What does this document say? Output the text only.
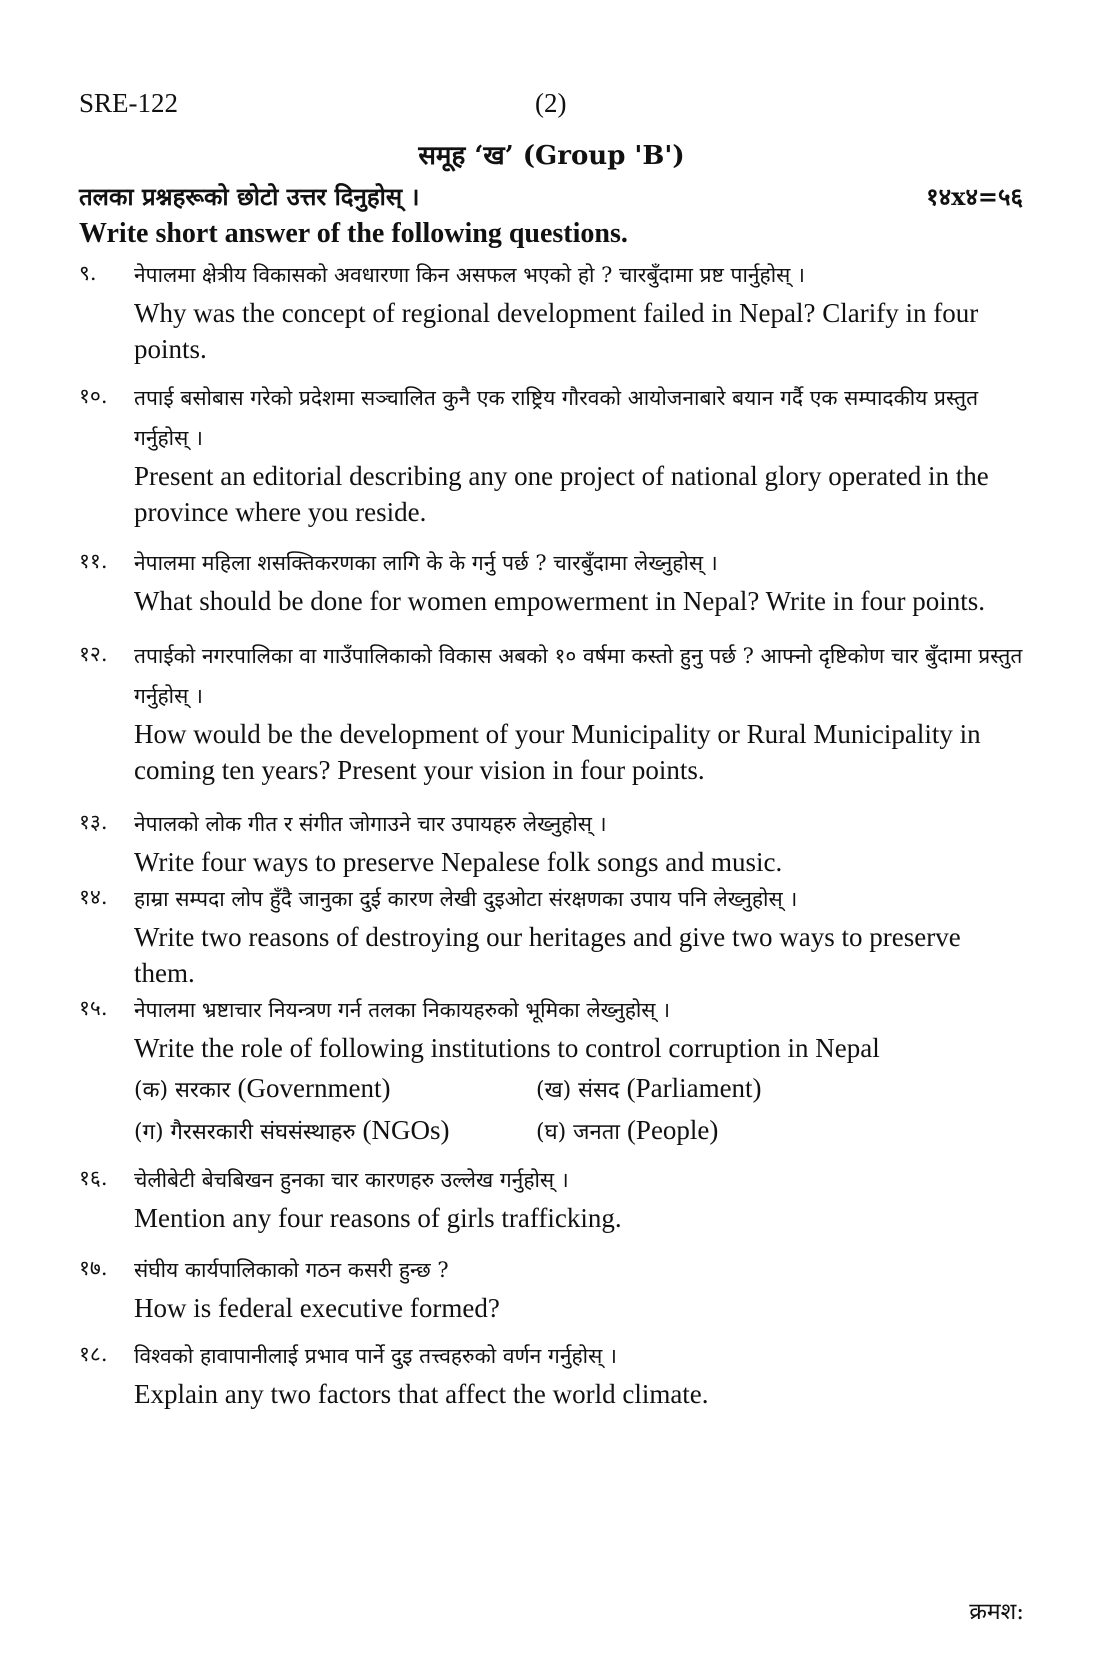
SRE-122	(2)
समूह ‘ख’ (Group 'B')
तलका प्रश्नहरूको छोटो उत्तर दिनुहोस् ।	१४x४=५६
Write short answer of the following questions.
९. नेपालमा क्षेत्रीय विकासको अवधारणा किन असफल भएको हो ? चारबुँदामा प्रष्ट पार्नुहोस् ।
Why was the concept of regional development failed in Nepal? Clarify in four points.
१०. तपाई बसोबास गरेको प्रदेशमा सञ्चालित कुनै एक राष्ट्रिय गौरवको आयोजनाबारे बयान गर्दै एक सम्पादकीय प्रस्तुत गर्नुहोस् ।
Present an editorial describing any one project of national glory operated in the province where you reside.
११. नेपालमा महिला शसक्तिकरणका लागि के के गर्नु पर्छ ? चारबुँदामा लेख्नुहोस् ।
What should be done for women empowerment in Nepal? Write in four points.
१२. तपाईको नगरपालिका वा गाउँपालिकाको विकास अबको १० वर्षमा कस्तो हुनु पर्छ ? आफ्नो दृष्टिकोण चार बुँदामा प्रस्तुत गर्नुहोस् ।
How would be the development of your Municipality or Rural Municipality in coming ten years? Present your vision in four points.
१३. नेपालको लोक गीत र संगीत जोगाउने चार उपायहरु लेख्नुहोस् ।
Write four ways to preserve Nepalese folk songs and music.
१४. हाम्रा सम्पदा लोप हुँदै जानुका दुई कारण लेखी दुइओटा संरक्षणका उपाय पनि लेख्नुहोस् ।
Write two reasons of destroying our heritages and give two ways to preserve them.
१५. नेपालमा भ्रष्टाचार नियन्त्रण गर्न तलका निकायहरुको भूमिका लेख्नुहोस् ।
Write the role of following institutions to control corruption in Nepal
(क) सरकार (Government)	(ख) संसद (Parliament)
(ग) गैरसरकारी संघसंस्थाहरु (NGOs)	(घ) जनता (People)
१६. चेलीबेटी बेचबिखन हुनका चार कारणहरु उल्लेख गर्नुहोस् ।
Mention any four reasons of girls trafficking.
१७. संघीय कार्यपालिकाको गठन कसरी हुन्छ ?
How is federal executive formed?
१८. विश्वको हावापानीलाई प्रभाव पार्ने दुइ तत्त्वहरुको वर्णन गर्नुहोस् ।
Explain any two factors that affect the world climate.
क्रमश:
